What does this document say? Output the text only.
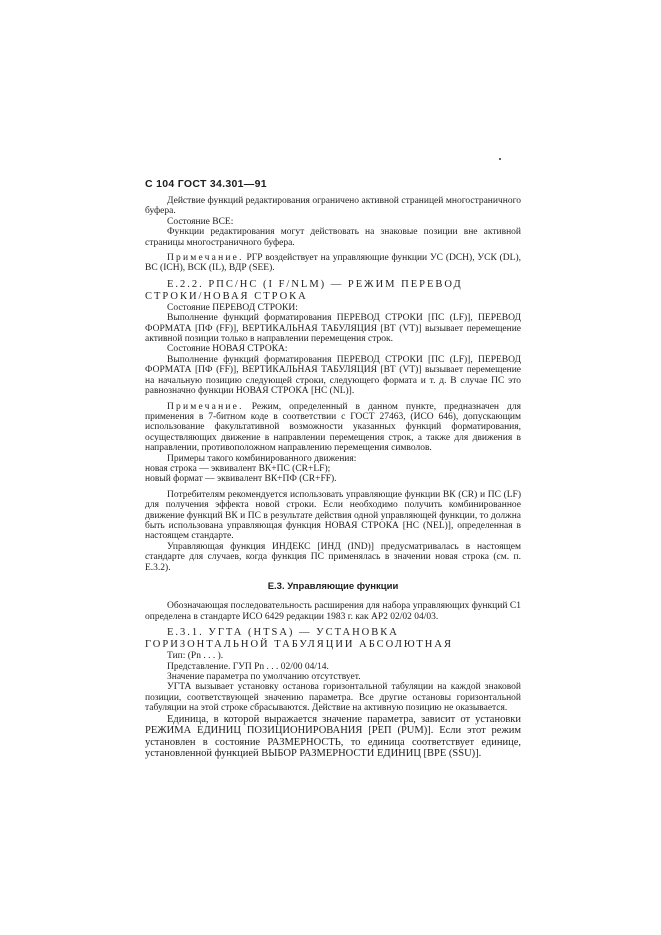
С 104 ГОСТ 34.301—91

Действие функций редактирования ограничено активной страницей многостраничного буфера.

Состояние ВСЕ:

Функции редактирования могут действовать на знаковые позиции вне активной страницы многостраничного буфера.

Примечание. РГР воздействует на управляющие функции УС (DCH), УСК (DL), ВС (ICH), ВСК (IL), ВДР (SEE).

Е.2.2. РПС/НС (I F/NLM) — РЕЖИМ ПЕРЕВОД СТРОКИ/НОВАЯ СТРОКА

Состояние ПЕРЕВОД СТРОКИ:

Выполнение функций форматирования ПЕРЕВОД СТРОКИ [ПС (LF)], ПЕРЕВОД ФОРМАТА [ПФ (FF)], ВЕРТИКАЛЬНАЯ ТАБУЛЯЦИЯ [ВТ (VT)] вызывает перемещение активной позиции только в направлении перемещения строк.

Состояние НОВАЯ СТРОКА:

Выполнение функций форматирования ПЕРЕВОД СТРОКИ [ПС (LF)], ПЕРЕВОД ФОРМАТА [ПФ (FF)], ВЕРТИКАЛЬНАЯ ТАБУЛЯЦИЯ [ВТ (VT)] вызывает перемещение на начальную позицию следующей строки, следующего формата и т. д. В случае ПС это равнозначно функции НОВАЯ СТРОКА [НС (NL)].

Примечание. Режим, определенный в данном пункте, предназначен для применения в 7-битном коде в соответствии с ГОСТ 27463, (ИСО 646), допускающим использование факультативной возможности указанных функций форматирования, осуществляющих движение в направлении перемещения строк, а также для движения в направлении, противоположном направлению перемещения символов.

Примеры такого комбинированного движения:

новая строка — эквивалент ВК+ПС (CR+LF);

новый формат — эквивалент ВК+ПФ (CR+FF).

Потребителям рекомендуется использовать управляющие функции ВК (CR) и ПС (LF) для получения эффекта новой строки. Если необходимо получить комбинированное движение функций ВК и ПС в результате действия одной управляющей функции, то должна быть использована управляющая функция НОВАЯ СТРОКА [НС (NEL)], определенная в настоящем стандарте.

Управляющая функция ИНДЕКС [ИНД (IND)] предусматривалась в настоящем стандарте для случаев, когда функция ПС применялась в значении новая строка (см. п. Е.3.2).

Е.3. Управляющие функции

Обозначающая последовательность расширения для набора управляющих функций С1 определена в стандарте ИСО 6429 редакции 1983 г. как АР2 02/02 04/03.

Е.3.1. УГТА (HTSA) — УСТАНОВКА ГОРИЗОНТАЛЬНОЙ ТАБУЛЯЦИИ АБСОЛЮТНАЯ

Тип: (Pn . . . ).

Представление. ГУП Pn . . . 02/00 04/14.

Значение параметра по умолчанию отсутствует.

УГТА вызывает установку останова горизонтальной табуляции на каждой знаковой позиции, соответствующей значению параметра. Все другие остановы горизонтальной табуляции на этой строке сбрасываются. Действие на активную позицию не оказывается.

Единица, в которой выражается значение параметра, зависит от установки РЕЖИМА ЕДИНИЦ ПОЗИЦИОНИРОВАНИЯ [РЕП (PUM)]. Если этот режим установлен в состояние РАЗМЕРНОСТЬ, то единица соответствует единице, установленной функцией ВЫБОР РАЗМЕРНОСТИ ЕДИНИЦ [ВРЕ (SSU)].
